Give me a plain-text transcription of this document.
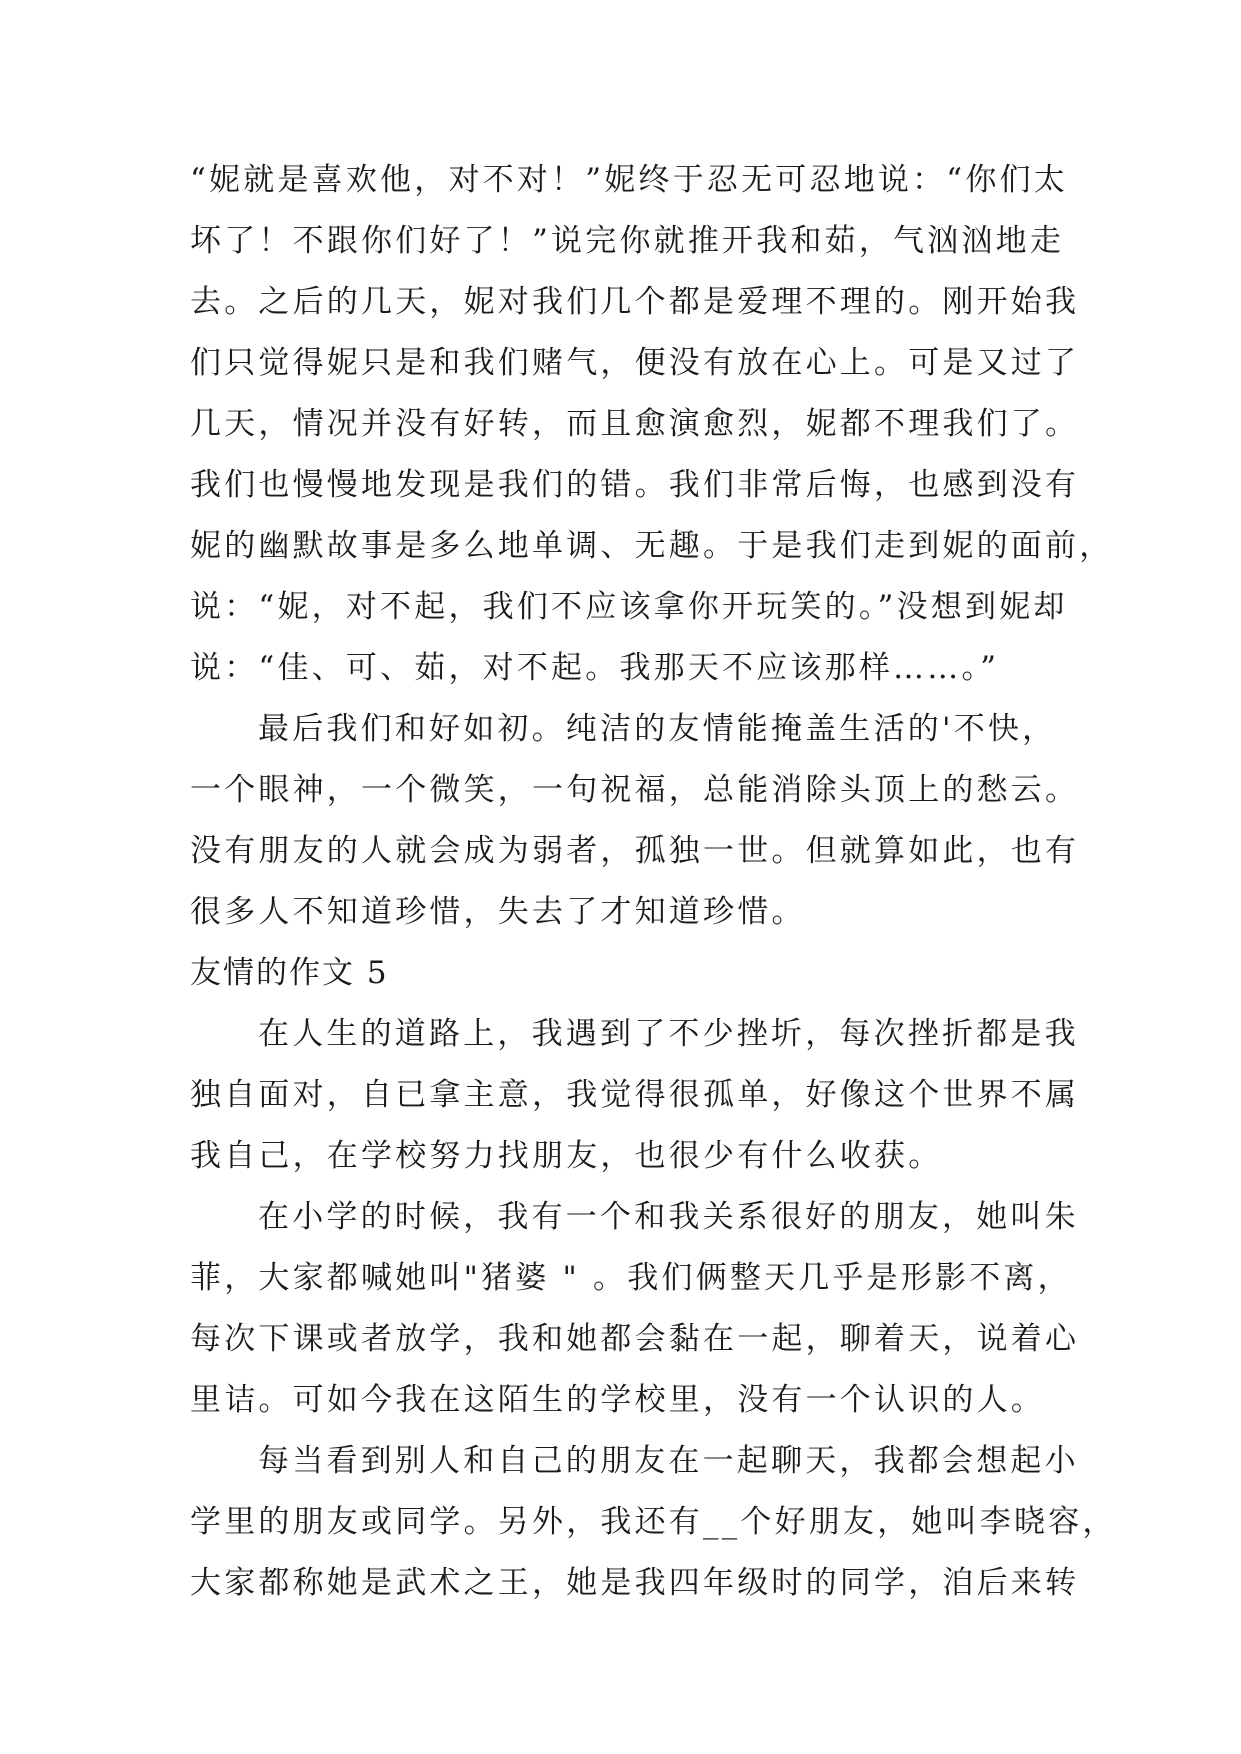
“妮就是喜欢他，对不对！”妮终于忍无可忍地说：“你们太
坏了！不跟你们好了！”说完你就推开我和茹，气汹汹地走
去。之后的几天，妮对我们几个都是爱理不理的。刚开始我
们只觉得妮只是和我们赌气，便没有放在心上。可是又过了
几天，情况并没有好转，而且愈演愈烈，妮都不理我们了。
我们也慢慢地发现是我们的错。我们非常后悔，也感到没有
妮的幽默故事是多么地单调、无趣。于是我们走到妮的面前，
说：“妮，对不起，我们不应该拿你开玩笑的。”没想到妮却
说：“佳、可、茹，对不起。我那天不应该那样……。”
最后我们和好如初。纯洁的友情能掩盖生活的'不快，
一个眼神，一个微笑，一句祝福，总能消除头顶上的愁云。
没有朋友的人就会成为弱者，孤独一世。但就算如此，也有
很多人不知道珍惜，失去了才知道珍惜。
友情的作文 5
在人生的道路上，我遇到了不少挫圻，每次挫折都是我
独自面对，自已拿主意，我觉得很孤单，好像这个世界不属
我自己，在学校努力找朋友，也很少有什么收获。
在小学的时候，我有一个和我关系很好的朋友，她叫朱
菲，大家都喊她叫"猪婆 " 。我们俩整天几乎是形影不离，
每次下课或者放学，我和她都会黏在一起，聊着天，说着心
里诘。可如今我在这陌生的学校里，没有一个认识的人。
每当看到别人和自己的朋友在一起聊天，我都会想起小
学里的朋友或同学。另外，我还有__个好朋友，她叫李晓容，
大家都称她是武术之王，她是我四年级时的同学，洎后来转
